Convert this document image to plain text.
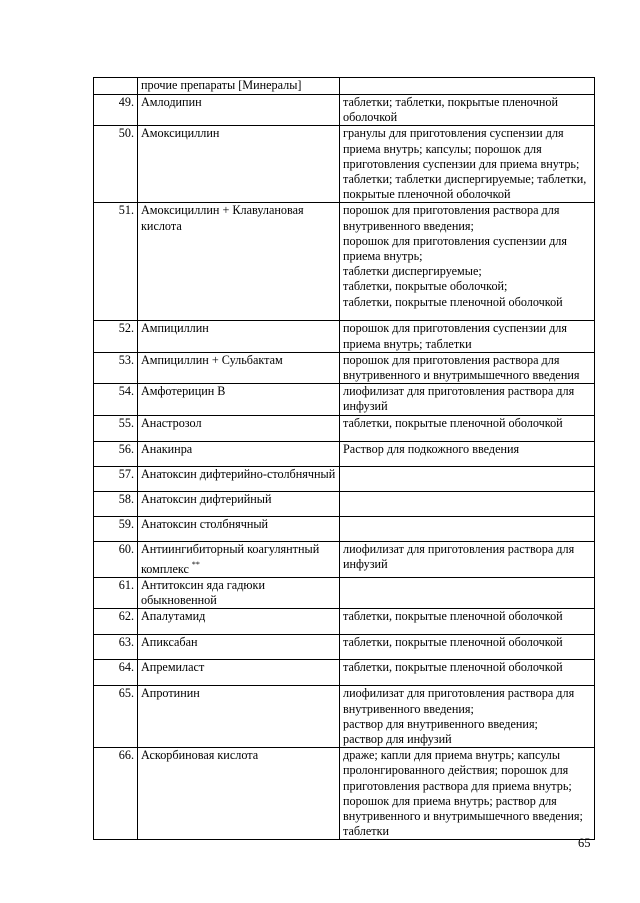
	прочие препараты [Минералы]	
49.	Амлодипин	таблетки; таблетки, покрытые пленочной оболочкой

50.	Амоксициллин	гранулы для приготовления суспензии для приема внутрь; капсулы; порошок для приготовления суспензии для приема внутрь; таблетки; таблетки диспергируемые; таблетки, покрытые пленочной оболочкой

51.	Амоксициллин + Клавулановая кислота	порошок для приготовления раствора для внутривенного введения;
порошок для приготовления суспензии для приема внутрь;
таблетки диспергируемые;
таблетки, покрытые оболочкой;
таблетки, покрытые пленочной оболочкой

52.	Ампициллин	порошок для приготовления суспензии для приема внутрь; таблетки

53.	Ампициллин + Сульбактам	порошок для приготовления раствора для внутривенного и внутримышечного введения

54.	Амфотерицин В	лиофилизат для приготовления раствора для инфузий

55.	Анастрозол	таблетки, покрытые пленочной оболочкой

56.	Анакинра	Раствор для подкожного введения

57.	Анатоксин дифтерийно-столбнячный	
58.	Анатоксин дифтерийный	
59.	Анатоксин столбнячный	
60.	Антиингибиторный коагулянтный комплекс **	лиофилизат для приготовления раствора для инфузий

61.	Антитоксин яда гадюки обыкновенной	
62.	Апалутамид	таблетки, покрытые пленочной оболочкой

63.	Апиксабан	таблетки, покрытые пленочной оболочкой

64.	Апремиласт	таблетки, покрытые пленочной оболочкой

65.	Апротинин	лиофилизат для приготовления раствора для внутривенного введения;
раствор для внутривенного введения;
раствор для инфузий

66.	Аскорбиновая кислота	драже; капли для приема внутрь; капсулы пролонгированного действия; порошок для приготовления раствора для приема внутрь; порошок для приема внутрь; раствор для внутривенного и внутримышечного введения; таблетки
65
